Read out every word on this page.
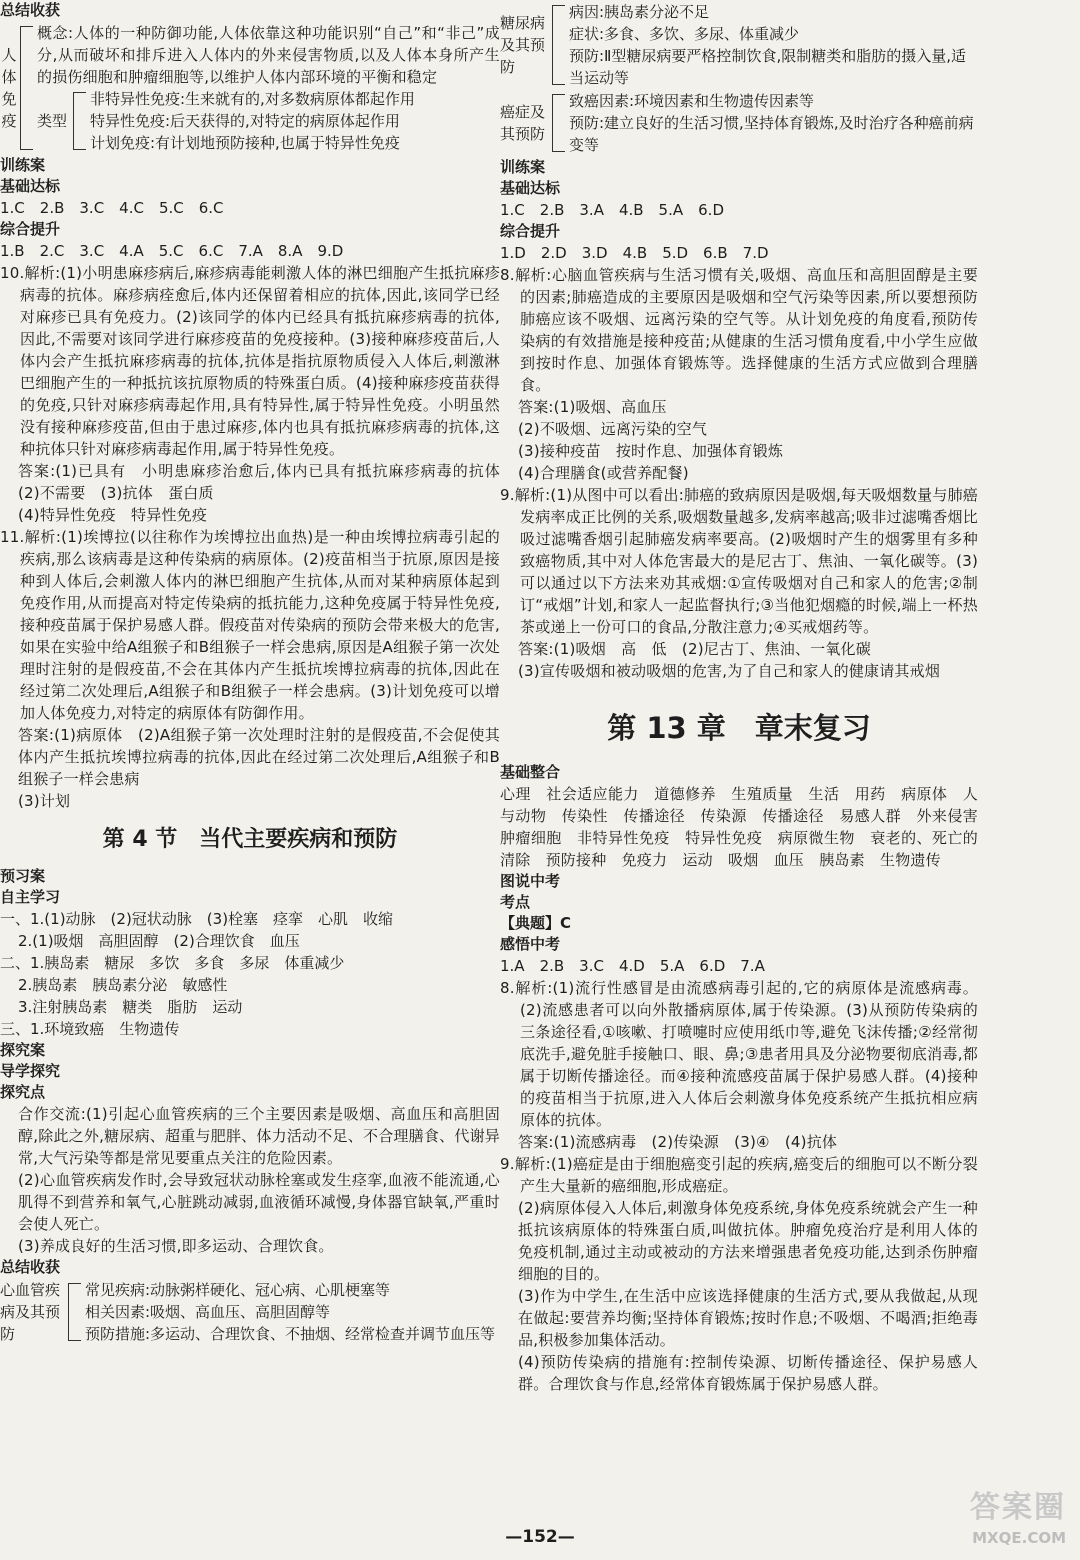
总结收获
人体免疫
概念:人体的一种防御功能,人体依靠这种功能识别“自己”和“非己”成分,从而破坏和排斥进入人体内的外来侵害物质,以及人体本身所产生的损伤细胞和肿瘤细胞等,以维护人体内部环境的平衡和稳定
类型
非特异性免疫:生来就有的,对多数病原体都起作用
特异性免疫:后天获得的,对特定的病原体起作用
计划免疫:有计划地预防接种,也属于特异性免疫
训练案
基础达标
1.C　2.B　3.C　4.C　5.C　6.C
综合提升
1.B　2.C　3.C　4.A　5.C　6.C　7.A　8.A　9.D
10.解析:(1)小明患麻疹病后,麻疹病毒能刺激人体的淋巴细胞产生抵抗麻疹病毒的抗体。麻疹病痊愈后,体内还保留着相应的抗体,因此,该同学已经对麻疹已具有免疫力。(2)该同学的体内已经具有抵抗麻疹病毒的抗体,因此,不需要对该同学进行麻疹疫苗的免疫接种。(3)接种麻疹疫苗后,人体内会产生抵抗麻疹病毒的抗体,抗体是指抗原物质侵入人体后,刺激淋巴细胞产生的一种抵抗该抗原物质的特殊蛋白质。(4)接种麻疹疫苗获得的免疫,只针对麻疹病毒起作用,具有特异性,属于特异性免疫。小明虽然没有接种麻疹疫苗,但由于患过麻疹,体内也具有抵抗麻疹病毒的抗体,这种抗体只针对麻疹病毒起作用,属于特异性免疫。
答案:(1)已具有　小明患麻疹治愈后,体内已具有抵抗麻疹病毒的抗体　(2)不需要　(3)抗体　蛋白质
(4)特异性免疫　特异性免疫
11.解析:(1)埃博拉(以往称作为埃博拉出血热)是一种由埃博拉病毒引起的疾病,那么该病毒是这种传染病的病原体。(2)疫苗相当于抗原,原因是接种到人体后,会刺激人体内的淋巴细胞产生抗体,从而对某种病原体起到免疫作用,从而提高对特定传染病的抵抗能力,这种免疫属于特异性免疫,接种疫苗属于保护易感人群。假疫苗对传染病的预防会带来极大的危害,如果在实验中给A组猴子和B组猴子一样会患病,原因是A组猴子第一次处理时注射的是假疫苗,不会在其体内产生抵抗埃博拉病毒的抗体,因此在经过第二次处理后,A组猴子和B组猴子一样会患病。(3)计划免疫可以增加人体免疫力,对特定的病原体有防御作用。
答案:(1)病原体　(2)A组猴子第一次处理时注射的是假疫苗,不会促使其体内产生抵抗埃博拉病毒的抗体,因此在经过第二次处理后,A组猴子和B组猴子一样会患病
(3)计划
第 4 节　当代主要疾病和预防
预习案
自主学习
一、1.(1)动脉　(2)冠状动脉　(3)栓塞　痉挛　心肌　收缩
2.(1)吸烟　高胆固醇　(2)合理饮食　血压
二、1.胰岛素　糖尿　多饮　多食　多尿　体重减少
2.胰岛素　胰岛素分泌　敏感性
3.注射胰岛素　糖类　脂肪　运动
三、1.环境致癌　生物遗传
探究案
导学探究
探究点
合作交流:(1)引起心血管疾病的三个主要因素是吸烟、高血压和高胆固醇,除此之外,糖尿病、超重与肥胖、体力活动不足、不合理膳食、代谢异常,大气污染等都是常见要重点关注的危险因素。
(2)心血管疾病发作时,会导致冠状动脉栓塞或发生痉挛,血液不能流通,心肌得不到营养和氧气,心脏跳动减弱,血液循环减慢,身体器官缺氧,严重时会使人死亡。
(3)养成良好的生活习惯,即多运动、合理饮食。
总结收获
心血管疾病及其预防
常见疾病:动脉粥样硬化、冠心病、心肌梗塞等
相关因素:吸烟、高血压、高胆固醇等
预防措施:多运动、合理饮食、不抽烟、经常检查并调节血压等
糖尿病及其预防
病因:胰岛素分泌不足
症状:多食、多饮、多尿、体重减少
预防:Ⅱ型糖尿病要严格控制饮食,限制糖类和脂肪的摄入量,适当运动等
癌症及其预防
致癌因素:环境因素和生物遗传因素等
预防:建立良好的生活习惯,坚持体育锻炼,及时治疗各种癌前病变等
训练案
基础达标
1.C　2.B　3.A　4.B　5.A　6.D
综合提升
1.D　2.D　3.D　4.B　5.D　6.B　7.D
8.解析:心脑血管疾病与生活习惯有关,吸烟、高血压和高胆固醇是主要的因素;肺癌造成的主要原因是吸烟和空气污染等因素,所以要想预防肺癌应该不吸烟、远离污染的空气等。从计划免疫的角度看,预防传染病的有效措施是接种疫苗;从健康的生活习惯角度看,中小学生应做到按时作息、加强体育锻炼等。选择健康的生活方式应做到合理膳食。
答案:(1)吸烟、高血压
(2)不吸烟、远离污染的空气
(3)接种疫苗　按时作息、加强体育锻炼
(4)合理膳食(或营养配餐)
9.解析:(1)从图中可以看出:肺癌的致病原因是吸烟,每天吸烟数量与肺癌发病率成正比例的关系,吸烟数量越多,发病率越高;吸非过滤嘴香烟比吸过滤嘴香烟引起肺癌发病率要高。(2)吸烟时产生的烟雾里有多种致癌物质,其中对人体危害最大的是尼古丁、焦油、一氧化碳等。(3)可以通过以下方法来劝其戒烟:①宣传吸烟对自己和家人的危害;②制订“戒烟”计划,和家人一起监督执行;③当他犯烟瘾的时候,端上一杯热茶或递上一份可口的食品,分散注意力;④买戒烟药等。
答案:(1)吸烟　高　低　(2)尼古丁、焦油、一氧化碳
(3)宣传吸烟和被动吸烟的危害,为了自己和家人的健康请其戒烟
第 13 章　章末复习
基础整合
心理　社会适应能力　道德修养　生殖质量　生活　用药　病原体　人与动物　传染性　传播途径　传染源　传播途径　易感人群　外来侵害　肿瘤细胞　非特异性免疫　特异性免疫　病原微生物　衰老的、死亡的　清除　预防接种　免疫力　运动　吸烟　血压　胰岛素　生物遗传
图说中考
考点
【典题】C
感悟中考
1.A　2.B　3.C　4.D　5.A　6.D　7.A
8.解析:(1)流行性感冒是由流感病毒引起的,它的病原体是流感病毒。(2)流感患者可以向外散播病原体,属于传染源。(3)从预防传染病的三条途径看,①咳嗽、打喷嚏时应使用纸巾等,避免飞沫传播;②经常彻底洗手,避免脏手接触口、眼、鼻;③患者用具及分泌物要彻底消毒,都属于切断传播途径。而④接种流感疫苗属于保护易感人群。(4)接种的疫苗相当于抗原,进入人体后会刺激身体免疫系统产生抵抗相应病原体的抗体。
答案:(1)流感病毒　(2)传染源　(3)④　(4)抗体
9.解析:(1)癌症是由于细胞癌变引起的疾病,癌变后的细胞可以不断分裂产生大量新的癌细胞,形成癌症。
(2)病原体侵入人体后,刺激身体免疫系统,身体免疫系统就会产生一种抵抗该病原体的特殊蛋白质,叫做抗体。肿瘤免疫治疗是利用人体的免疫机制,通过主动或被动的方法来增强患者免疫功能,达到杀伤肿瘤细胞的目的。
(3)作为中学生,在生活中应该选择健康的生活方式,要从我做起,从现在做起:要营养均衡;坚持体育锻炼;按时作息;不吸烟、不喝酒;拒绝毒品,积极参加集体活动。
(4)预防传染病的措施有:控制传染源、切断传播途径、保护易感人群。合理饮食与作息,经常体育锻炼属于保护易感人群。
—152—
答案圈
MXQE.COM
